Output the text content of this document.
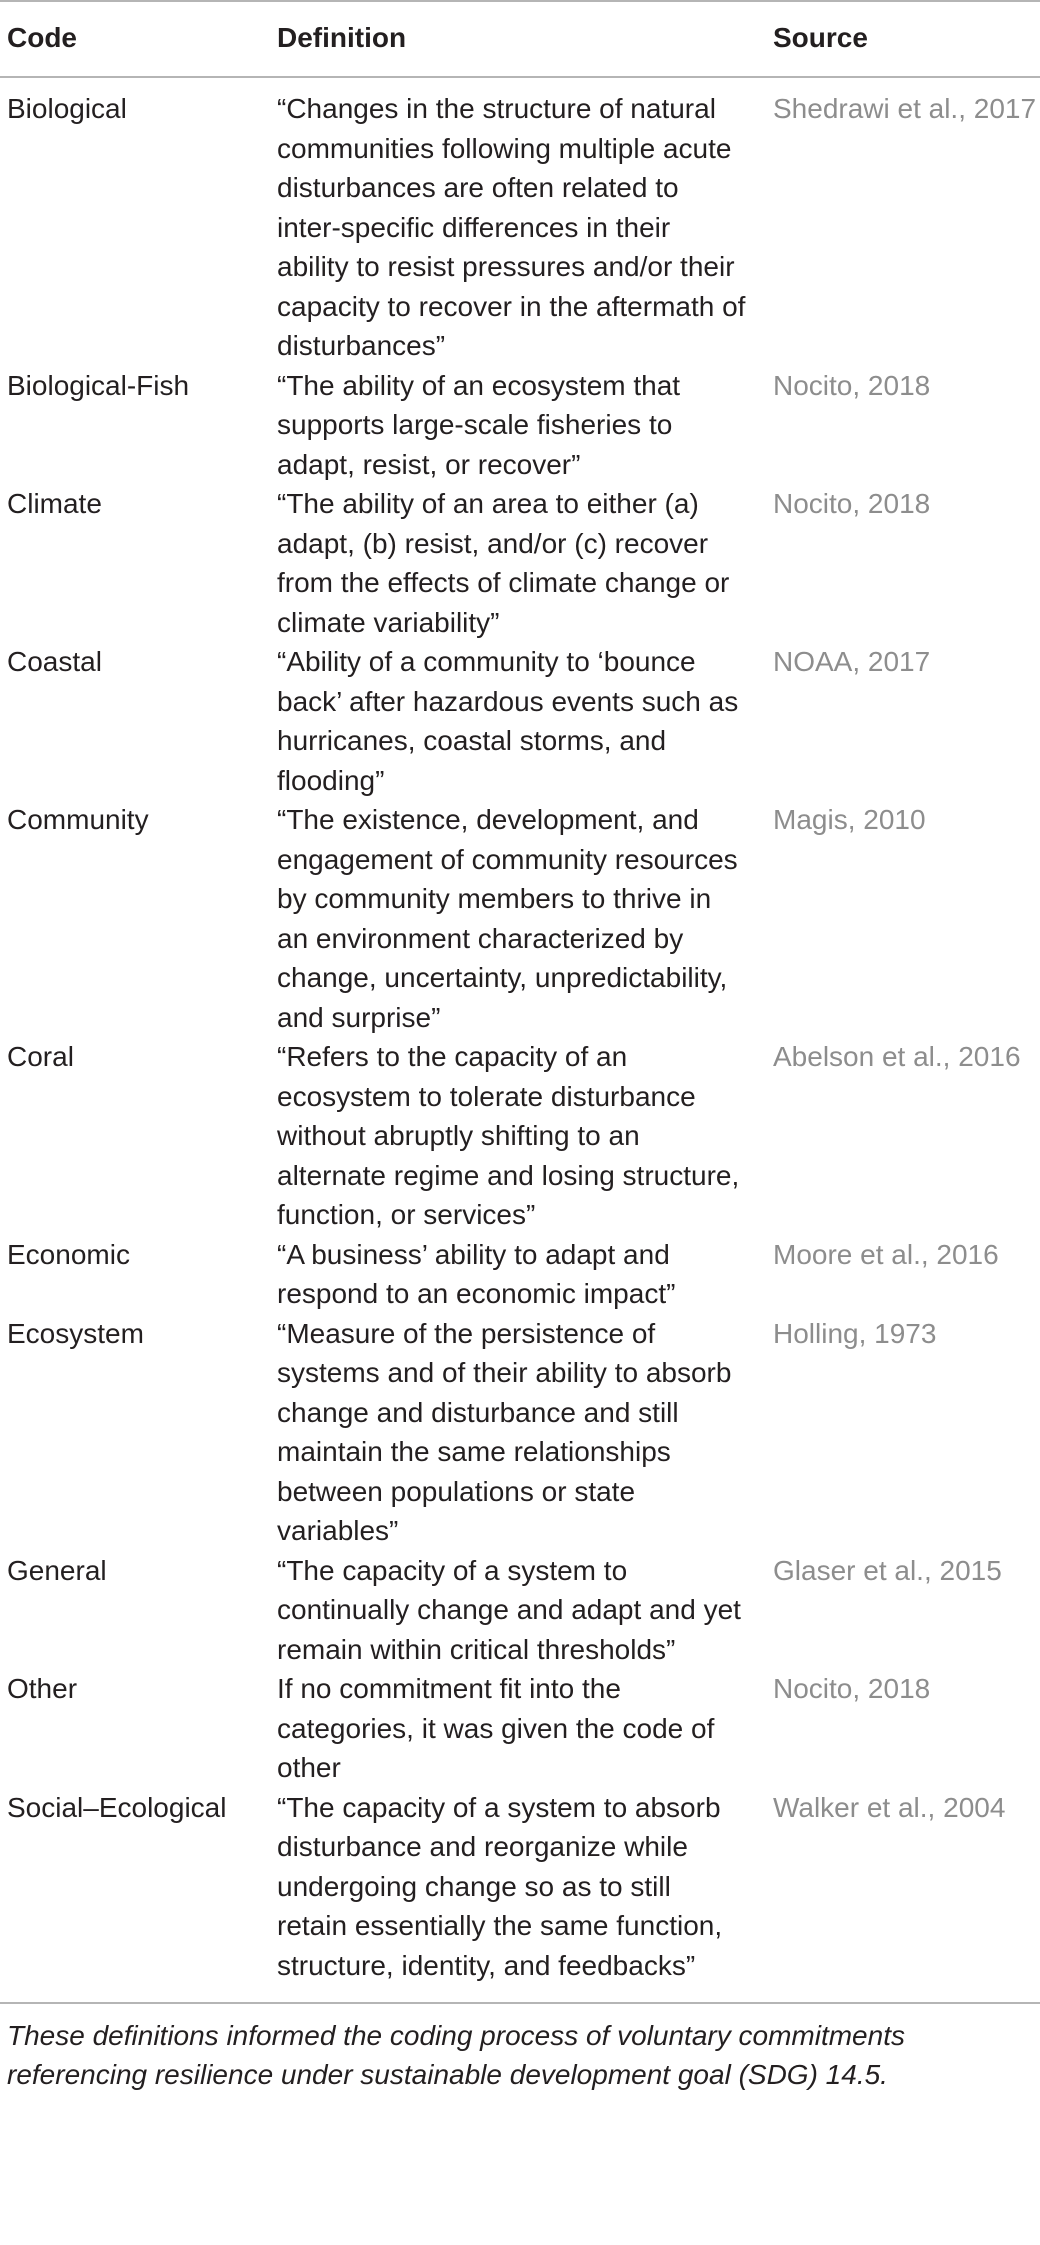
Code	Definition	Source
Biological	“Changes in the structure of natural communities following multiple acute disturbances are often related to inter-specific differences in their ability to resist pressures and/or their capacity to recover in the aftermath of disturbances”	Shedrawi et al., 2017
Biological-Fish	“The ability of an ecosystem that supports large-scale fisheries to adapt, resist, or recover”	Nocito, 2018
Climate	“The ability of an area to either (a) adapt, (b) resist, and/or (c) recover from the effects of climate change or climate variability”	Nocito, 2018
Coastal	“Ability of a community to ‘bounce back’ after hazardous events such as hurricanes, coastal storms, and flooding”	NOAA, 2017
Community	“The existence, development, and engagement of community resources by community members to thrive in an environment characterized by change, uncertainty, unpredictability, and surprise”	Magis, 2010
Coral	“Refers to the capacity of an ecosystem to tolerate disturbance without abruptly shifting to an alternate regime and losing structure, function, or services”	Abelson et al., 2016
Economic	“A business’ ability to adapt and respond to an economic impact”	Moore et al., 2016
Ecosystem	“Measure of the persistence of systems and of their ability to absorb change and disturbance and still maintain the same relationships between populations or state variables”	Holling, 1973
General	“The capacity of a system to continually change and adapt and yet remain within critical thresholds”	Glaser et al., 2015
Other	If no commitment fit into the categories, it was given the code of other	Nocito, 2018
Social–Ecological	“The capacity of a system to absorb disturbance and reorganize while undergoing change so as to still retain essentially the same function, structure, identity, and feedbacks”	Walker et al., 2004
These definitions informed the coding process of voluntary commitments referencing resilience under sustainable development goal (SDG) 14.5.
